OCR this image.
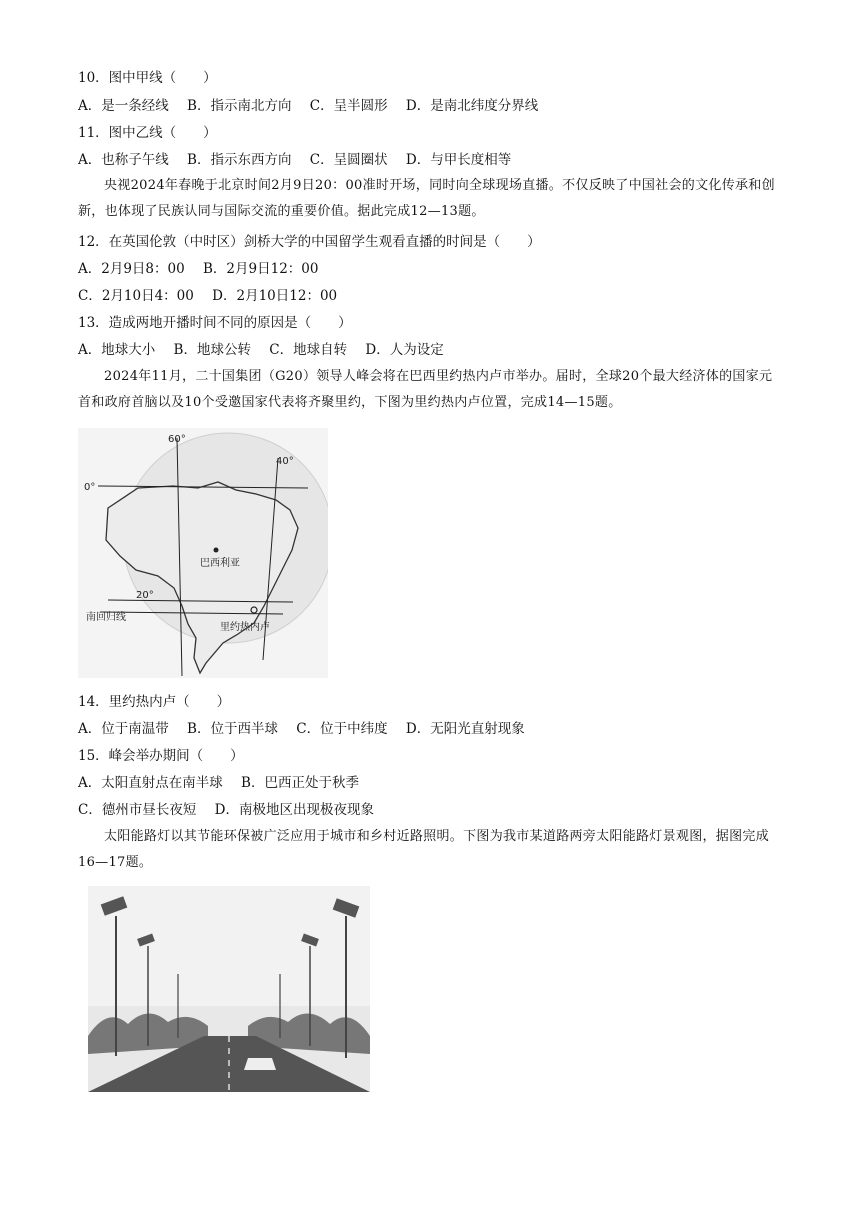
10．图中甲线（　　）
A．是一条经线 B．指示南北方向 C．呈半圆形 D．是南北纬度分界线
11．图中乙线（　　）
A．也称子午线 B．指示东西方向 C．呈圆圈状 D．与甲长度相等
央视2024年春晚于北京时间2月9日20：00准时开场，同时向全球现场直播。不仅反映了中国社会的文化传承和创新，也体现了民族认同与国际交流的重要价值。据此完成12—13题。
12．在英国伦敦（中时区）剑桥大学的中国留学生观看直播的时间是（　　）
A．2月9日8：00 B．2月9日12：00
C．2月10日4：00 D．2月10日12：00
13．造成两地开播时间不同的原因是（　　）
A．地球大小 B．地球公转 C．地球自转 D．人为设定
2024年11月，二十国集团（G20）领导人峰会将在巴西里约热内卢市举办。届时，全球20个最大经济体的国家元首和政府首脑以及10个受邀国家代表将齐聚里约，下图为里约热内卢位置，完成14—15题。
60°
40°
0°
20°
南回归线
巴西利亚
里约热内卢
14．里约热内卢（　　）
A．位于南温带 B．位于西半球 C．位于中纬度 D．无阳光直射现象
15．峰会举办期间（　　）
A．太阳直射点在南半球 B．巴西正处于秋季
C．德州市昼长夜短 D．南极地区出现极夜现象
太阳能路灯以其节能环保被广泛应用于城市和乡村近路照明。下图为我市某道路两旁太阳能路灯景观图，据图完成16—17题。
